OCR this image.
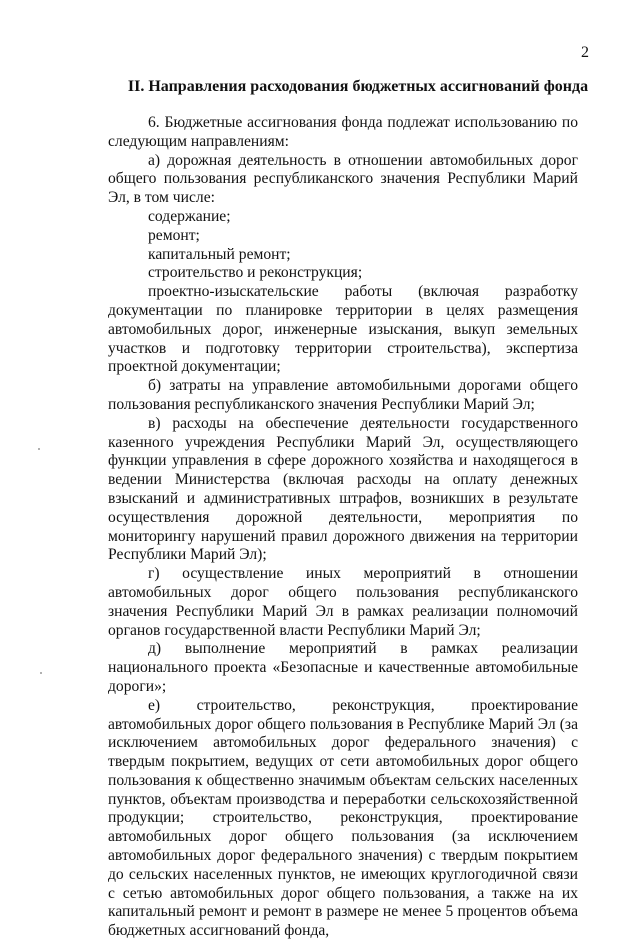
2
II. Направления расходования бюджетных ассигнований фонда

6. Бюджетные ассигнования фонда подлежат использованию по следующим направлениям:

а) дорожная деятельность в отношении автомобильных дорог общего пользования республиканского значения Республики Марий Эл, в том числе:

содержание;

ремонт;

капитальный ремонт;

строительство и реконструкция;

проектно-изыскательские работы (включая разработку документации по планировке территории в целях размещения автомобильных дорог, инженерные изыскания, выкуп земельных участков и подготовку территории строительства), экспертиза проектной документации;

б) затраты на управление автомобильными дорогами общего пользования республиканского значения Республики Марий Эл;

в) расходы на обеспечение деятельности государственного казенного учреждения Республики Марий Эл, осуществляющего функции управления в сфере дорожного хозяйства и находящегося в ведении Министерства (включая расходы на оплату денежных взысканий и административных штрафов, возникших в результате осуществления дорожной деятельности, мероприятия по мониторингу нарушений правил дорожного движения на территории Республики Марий Эл);

г) осуществление иных мероприятий в отношении автомобильных дорог общего пользования республиканского значения Республики Марий Эл в рамках реализации полномочий органов государственной власти Республики Марий Эл;

д) выполнение мероприятий в рамках реализации национального проекта «Безопасные и качественные автомобильные дороги»;

е) строительство, реконструкция, проектирование автомобильных дорог общего пользования в Республике Марий Эл (за исключением автомобильных дорог федерального значения) с твердым покрытием, ведущих от сети автомобильных дорог общего пользования к общественно значимым объектам сельских населенных пунктов, объектам производства и переработки сельскохозяйственной продукции; строительство, реконструкция, проектирование автомобильных дорог общего пользования (за исключением автомобильных дорог федерального значения) с твердым покрытием до сельских населенных пунктов, не имеющих круглогодичной связи с сетью автомобильных дорог общего пользования, а также на их капитальный ремонт и ремонт в размере не менее 5 процентов объема бюджетных ассигнований фонда,
